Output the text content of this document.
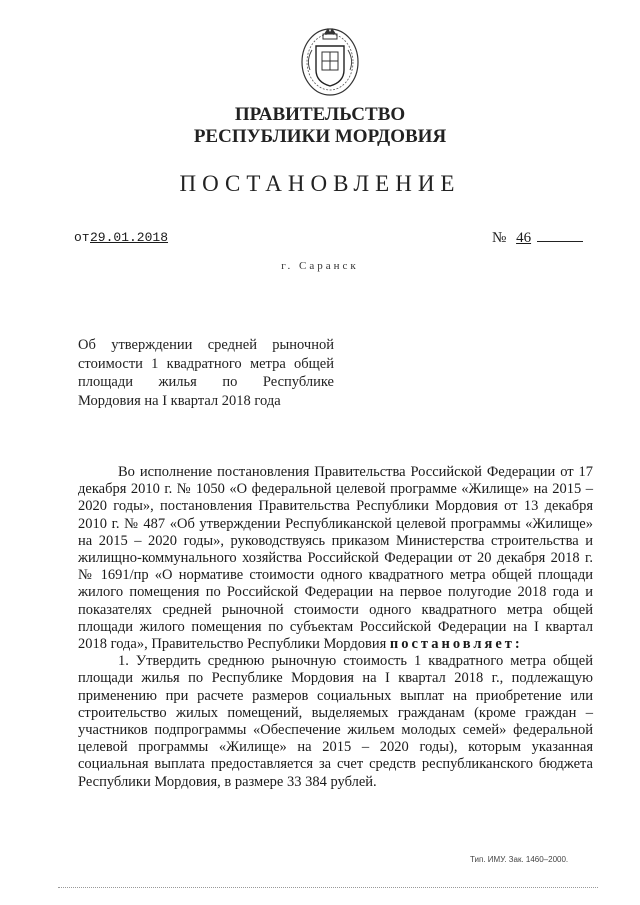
ПРАВИТЕЛЬСТВО
РЕСПУБЛИКИ МОРДОВИЯ
ПОСТАНОВЛЕНИЕ
от 29.01.2018	№ 46
г. Саранск
Об утверждении средней рыночной стоимости 1 квадратного метра общей площади жилья по Республике Мордовия на I квартал 2018 года

Во исполнение постановления Правительства Российской Федерации от 17 декабря 2010 г. № 1050 «О федеральной целевой программе «Жилище» на 2015 – 2020 годы», постановления Правительства Республики Мордовия от 13 декабря 2010 г. № 487 «Об утверждении Республиканской целевой программы «Жилище» на 2015 – 2020 годы», руководствуясь приказом Министерства строительства и жилищно-коммунального хозяйства Российской Федерации от 20 декабря 2018 г. № 1691/пр «О нормативе стоимости одного квадратного метра общей площади жилого помещения по Российской Федерации на первое полугодие 2018 года и показателях средней рыночной стоимости одного квадратного метра общей площади жилого помещения по субъектам Российской Федерации на I квартал 2018 года», Правительство Республики Мордовия постановляет:

1. Утвердить среднюю рыночную стоимость 1 квадратного метра общей площади жилья по Республике Мордовия на I квартал 2018 г., подлежащую применению при расчете размеров социальных выплат на приобретение или строительство жилых помещений, выделяемых гражданам (кроме граждан – участников подпрограммы «Обеспечение жильем молодых семей» федеральной целевой программы «Жилище» на 2015 – 2020 годы), которым указанная социальная выплата предоставляется за счет средств республиканского бюджета Республики Мордовия, в размере 33 384 рублей.

Тип. ИМУ. Зак. 1460–2000.
